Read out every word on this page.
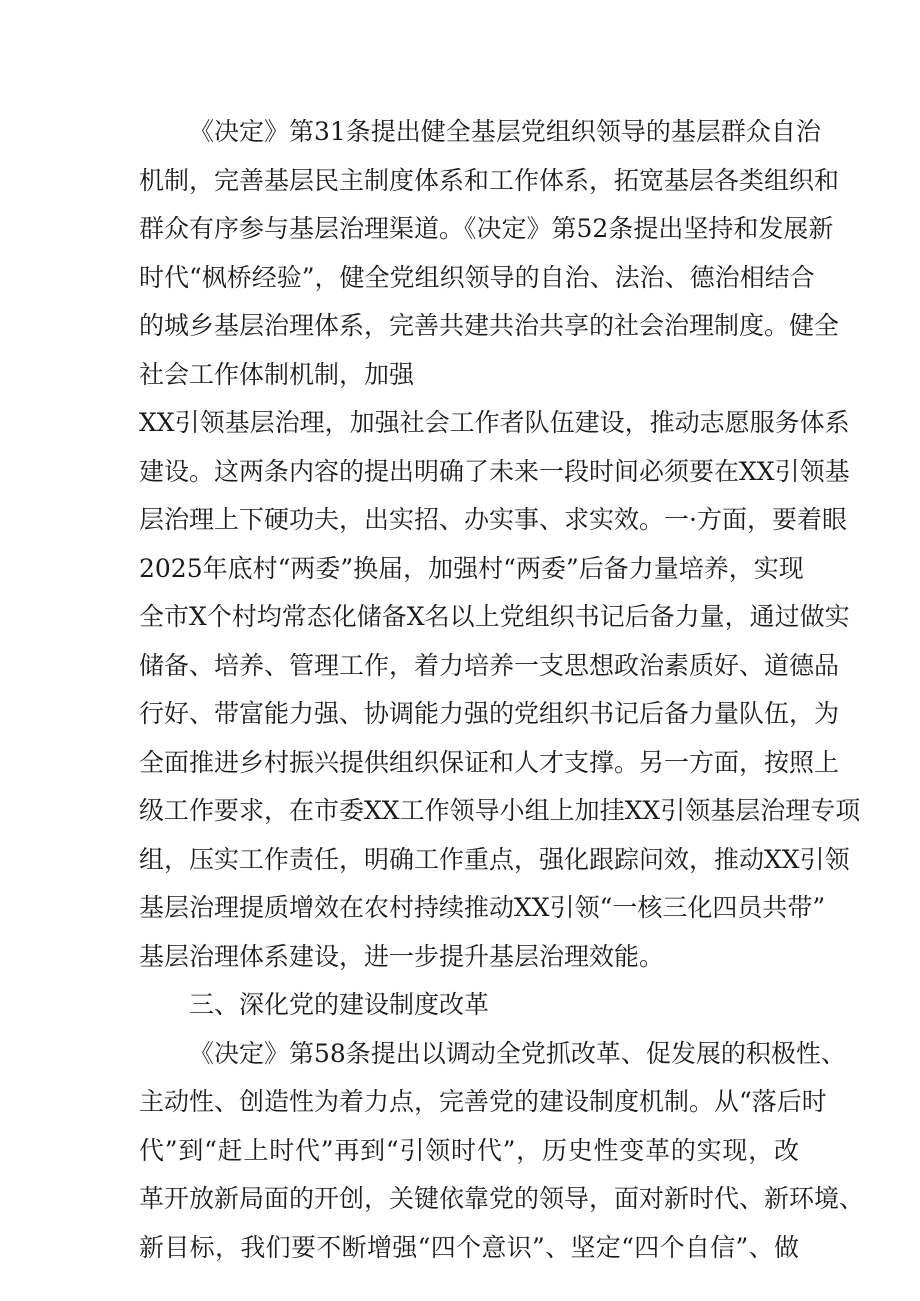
《决定》第31条提出健全基层党组织领导的基层群众自治
机制，完善基层民主制度体系和工作体系，拓宽基层各类组织和
群众有序参与基层治理渠道。《决定》第52条提出坚持和发展新
时代“枫桥经验”，健全党组织领导的自治、法治、德治相结合
的城乡基层治理体系，完善共建共治共享的社会治理制度。健全
社会工作体制机制，加强
XX引领基层治理，加强社会工作者队伍建设，推动志愿服务体系
建设。这两条内容的提出明确了未来一段时间必须要在XX引领基
层治理上下硬功夫，出实招、办实事、求实效。一·方面，要着眼
2025年底村“两委”换届，加强村“两委”后备力量培养，实现
全市X个村均常态化储备X名以上党组织书记后备力量，通过做实
储备、培养、管理工作，着力培养一支思想政治素质好、道德品
行好、带富能力强、协调能力强的党组织书记后备力量队伍，为
全面推进乡村振兴提供组织保证和人才支撑。另一方面，按照上
级工作要求，在市委XX工作领导小组上加挂XX引领基层治理专项
组，压实工作责任，明确工作重点，强化跟踪问效，推动XX引领
基层治理提质增效在农村持续推动XX引领“一核三化四员共带”
基层治理体系建设，进一步提升基层治理效能。
三、深化党的建设制度改革
《决定》第58条提出以调动全党抓改革、促发展的积极性、
主动性、创造性为着力点，完善党的建设制度机制。从“落后时
代”到“赶上时代”再到“引领时代”，历史性变革的实现，改
革开放新局面的开创，关键依靠党的领导，面对新时代、新环境、
新目标，我们要不断增强“四个意识”、坚定“四个自信”、做
